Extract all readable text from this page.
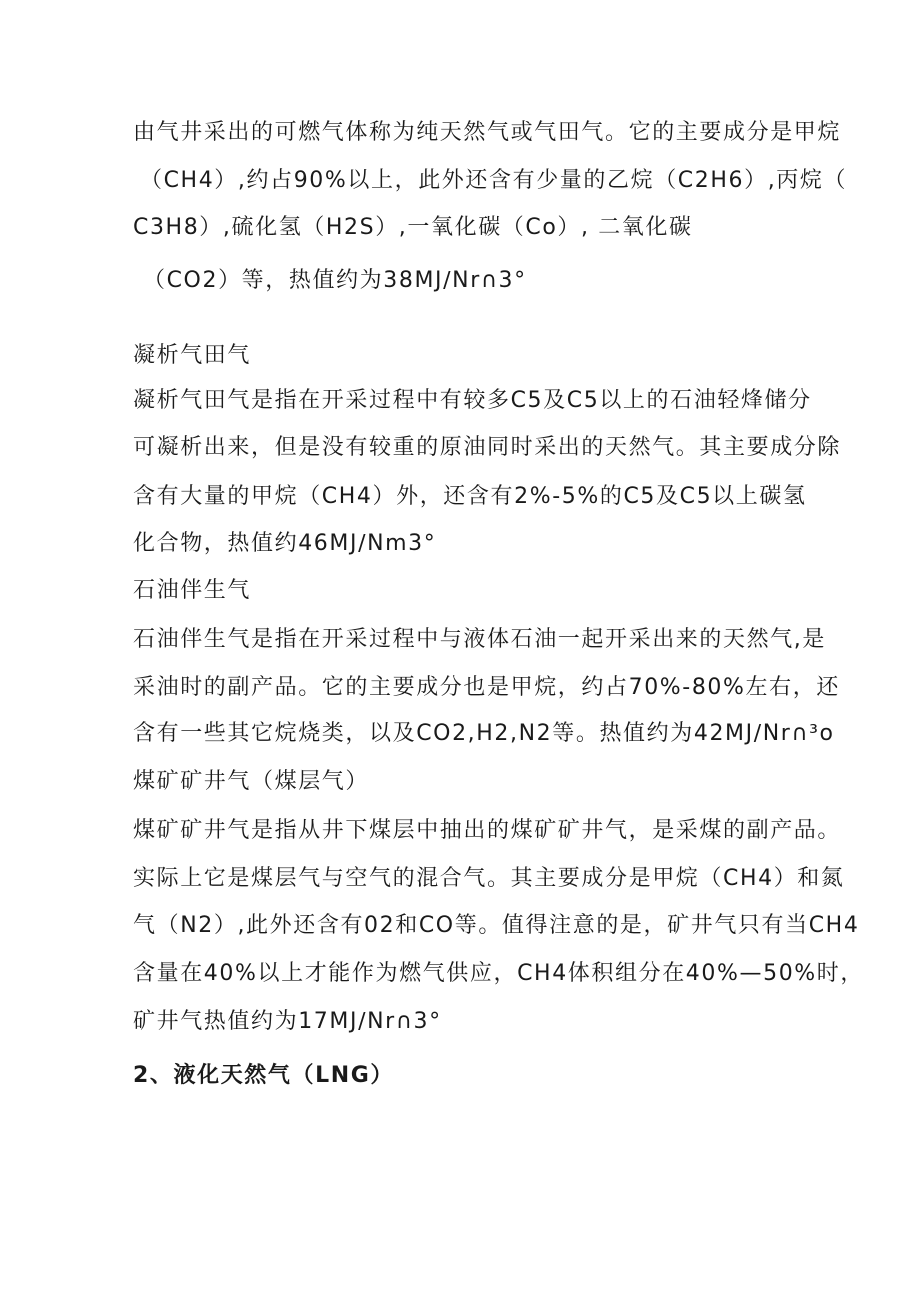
由气井采出的可燃气体称为纯天然气或气田气。它的主要成分是甲烷
（CH4）,约占90%以上，此外还含有少量的乙烷（C2H6）,丙烷（
C3H8）,硫化氢（H2S）,一氧化碳（Co）, 二氧化碳
（CO2）等，热值约为38MJ∕Nr∩3°
凝析气田气
凝析气田气是指在开采过程中有较多C5及C5以上的石油轻烽储分
可凝析出来，但是没有较重的原油同时采出的天然气。其主要成分除
含有大量的甲烷（CH4）外，还含有2%-5%的C5及C5以上碳氢
化合物，热值约46MJ∕Nm3°
石油伴生气
石油伴生气是指在开采过程中与液体石油一起开采出来的天然气,是
采油时的副产品。它的主要成分也是甲烷，约占70%-80%左右，还
含有一些其它烷烧类，以及CO2,H2,N2等。热值约为42MJ∕Nr∩³o
煤矿矿井气（煤层气）
煤矿矿井气是指从井下煤层中抽出的煤矿矿井气，是采煤的副产品。
实际上它是煤层气与空气的混合气。其主要成分是甲烷（CH4）和氮
气（N2）,此外还含有02和CO等。值得注意的是，矿井气只有当CH4
含量在40%以上才能作为燃气供应，CH4体积组分在40%—50%时，
矿井气热值约为17MJ∕Nr∩3°
2、液化天然气（LNG）
